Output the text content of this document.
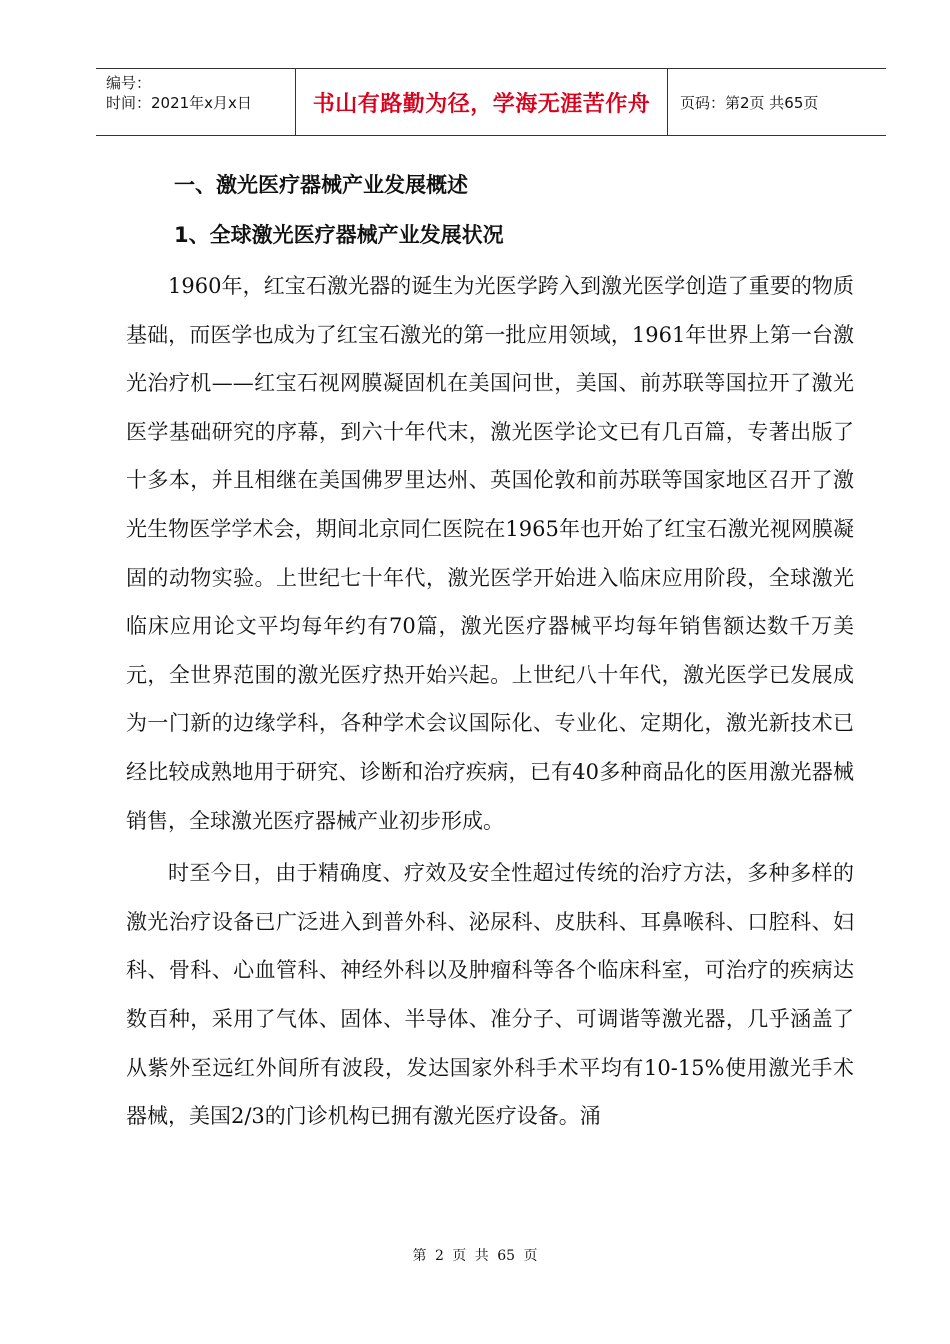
编号：
时间：2021年x月x日	书山有路勤为径，学海无涯苦作舟	页码：第2页 共65页
一、激光医疗器械产业发展概述
1、全球激光医疗器械产业发展状况

1960年，红宝石激光器的诞生为光医学跨入到激光医学创造了重要的物质基础，而医学也成为了红宝石激光的第一批应用领域，1961年世界上第一台激光治疗机——红宝石视网膜凝固机在美国问世，美国、前苏联等国拉开了激光医学基础研究的序幕，到六十年代末，激光医学论文已有几百篇，专著出版了十多本，并且相继在美国佛罗里达州、英国伦敦和前苏联等国家地区召开了激光生物医学学术会，期间北京同仁医院在1965年也开始了红宝石激光视网膜凝固的动物实验。上世纪七十年代，激光医学开始进入临床应用阶段，全球激光临床应用论文平均每年约有70篇，激光医疗器械平均每年销售额达数千万美元，全世界范围的激光医疗热开始兴起。上世纪八十年代，激光医学已发展成为一门新的边缘学科，各种学术会议国际化、专业化、定期化，激光新技术已经比较成熟地用于研究、诊断和治疗疾病，已有40多种商品化的医用激光器械销售，全球激光医疗器械产业初步形成。

时至今日，由于精确度、疗效及安全性超过传统的治疗方法，多种多样的激光治疗设备已广泛进入到普外科、泌尿科、皮肤科、耳鼻喉科、口腔科、妇科、骨科、心血管科、神经外科以及肿瘤科等各个临床科室，可治疗的疾病达数百种，采用了气体、固体、半导体、准分子、可调谐等激光器，几乎涵盖了从紫外至远红外间所有波段，发达国家外科手术平均有10-15%使用激光手术器械，美国2/3的门诊机构已拥有激光医疗设备。涌

第 2 页 共 65 页
